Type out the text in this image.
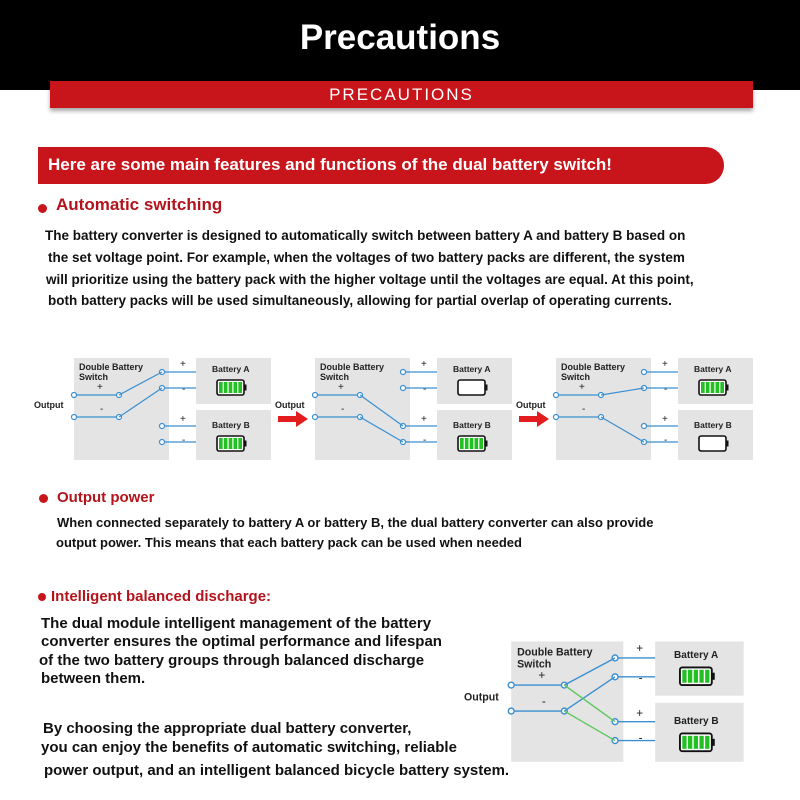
Precautions
PRECAUTIONS
Here are some main features and functions of the dual battery switch!
Automatic switching
The battery converter is designed to automatically switch between battery A and battery B based on
the set voltage point. For example, when the voltages of two battery packs are different, the system
will prioritize using the battery pack with the higher voltage until the voltages are equal. At this point,
both battery packs will be used simultaneously, allowing for partial overlap of operating currents.
Double Battery
Switch
Output
+
-
Battery A
Battery B
+
-
+
-
Double Battery
Switch
Output
+
-
Battery A
Battery B
+
-
+
-
Double Battery
Switch
Output
+
-
Battery A
Battery B
+
-
+
-
Output power
When connected separately to battery A or battery B, the dual battery converter can also provide
output power. This means that each battery pack can be used when needed
Intelligent balanced discharge:
The dual module intelligent management of the battery
converter ensures the optimal performance and lifespan
of the two battery groups through balanced discharge
between them.
By choosing the appropriate dual battery converter,
you can enjoy the benefits of automatic switching, reliable
power output, and an intelligent balanced bicycle battery system.
Double Battery
Switch
Output
+
-
Battery A
Battery B
+
-
+
-
